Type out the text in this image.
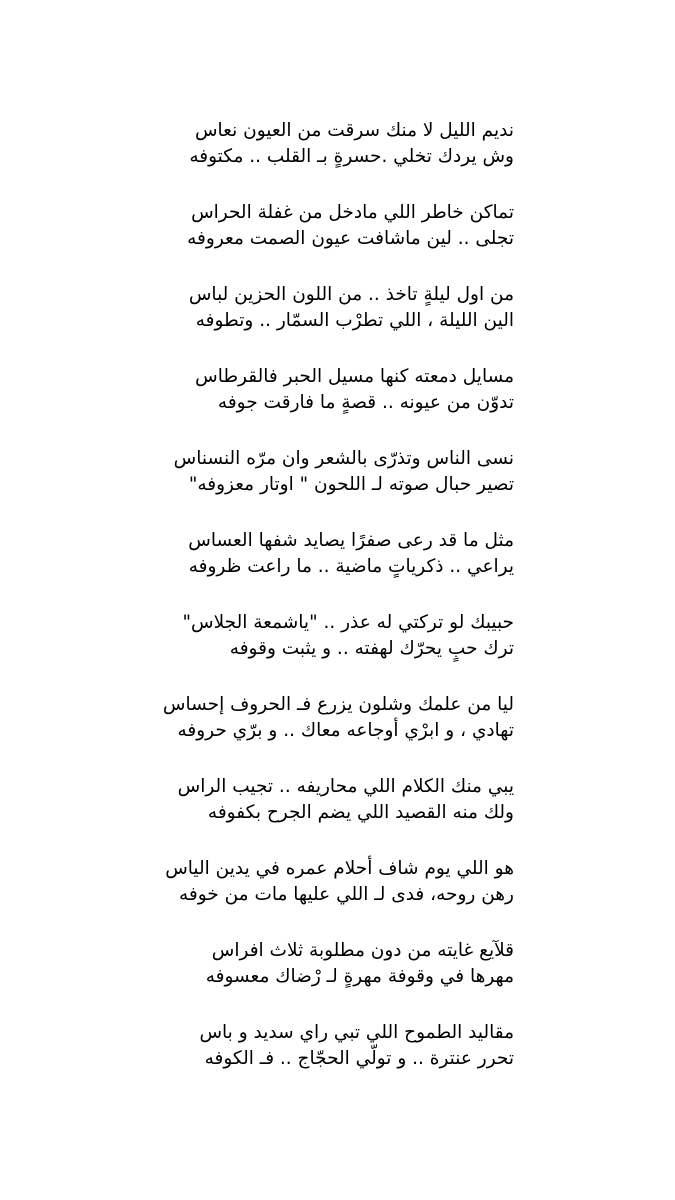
نديم الليل لا منك سرقت من العيون نعاس
وش يردك تخلي .حسرةٍ بـ القلب .. مكتوفه
تماكن خاطر اللي مادخل من غفلة الحراس
تجلى .. لين ماشافت عيون الصمت معروفه
من اول ليلةٍ تاخذ .. من اللون الحزين لباس
الين الليلة ، اللي تطرْب السمّار .. وتطوفه
مسايل دمعته كنها مسيل الحبر فالقرطاس
تدوّن من عيونه .. قصةٍ ما فارقت جوفه
نسى الناس وتذرّى بالشعر وان مرّه النسناس
تصير حبال صوته لـ اللحون " اوتار معزوفه"
مثل ما قد رعى صفرًا يصايد شفها العساس
يراعي .. ذكرياتٍ ماضية .. ما راعت ظروفه
حبيبك لو تركتي له عذر .. "ياشمعة الجلاس"
ترك حبٍ يحرّك لهفته .. و يثبت وقوفه
ليا من علمك وشلون يزرع فـ الحروف إحساس
تهادي ، و ابرْي أوجاعه معاك .. و برّي حروفه
يبي منك الكلام اللي محاريفه .. تجيب الراس
ولك منه القصيد اللي يضم الجرح بكفوفه
هو اللي يوم شاف أحلام عمره في يدين الياس
رهن روحه، فدى لـ اللي عليها مات من خوفه
قلآيع غايته من دون مطلوبة ثلاث افراس
مهرها في وقوفة مهرةٍ لـ رْضاك معسوفه
مقاليد الطموح اللي تبي راي سديد و باس
تحرر عنترة .. و تولّي الحجّاج .. فـ الكوفه
